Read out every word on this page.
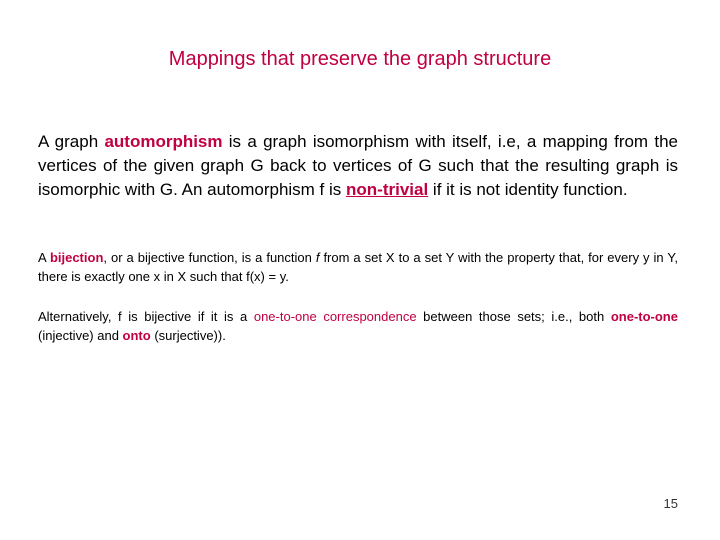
Mappings that preserve the graph structure

A graph automorphism is a graph isomorphism with itself, i.e, a mapping from the vertices of the given graph G back to vertices of G such that the resulting graph is isomorphic with G. An automorphism f is non-trivial if it is not identity function.

A bijection, or a bijective function, is a function f from a set X to a set Y with the property that, for every y in Y, there is exactly one x in X such that f(x) = y.

Alternatively, f is bijective if it is a one-to-one correspondence between those sets; i.e., both one-to-one (injective) and onto (surjective)).

15
